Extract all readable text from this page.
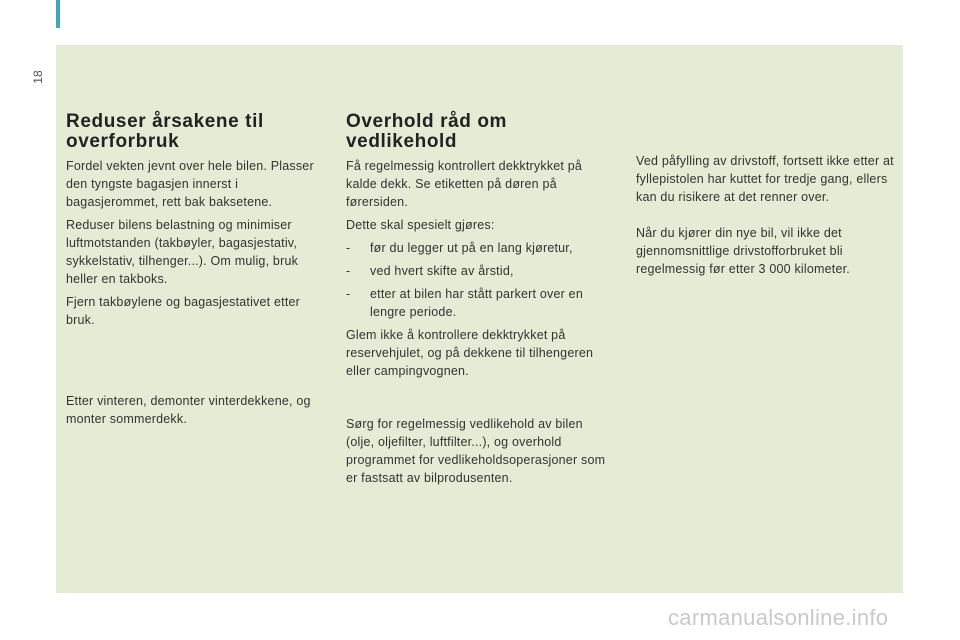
18
Reduser årsakene til overforbruk

Fordel vekten jevnt over hele bilen. Plasser den tyngste bagasjen innerst i bagasjerommet, rett bak baksetene.

Reduser bilens belastning og minimiser luftmotstanden (takbøyler, bagasjestativ, sykkelstativ, tilhenger...). Om mulig, bruk heller en takboks.

Fjern takbøylene og bagasjestativet etter bruk.

Etter vinteren, demonter vinterdekkene, og monter sommerdekk.

Overhold råd om vedlikehold

Få regelmessig kontrollert dekktrykket på kalde dekk. Se etiketten på døren på førersiden.

Dette skal spesielt gjøres:

- før du legger ut på en lang kjøretur,
- ved hvert skifte av årstid,
- etter at bilen har stått parkert over en lengre periode.

Glem ikke å kontrollere dekktrykket på reservehjulet, og på dekkene til tilhengeren eller campingvognen.

Sørg for regelmessig vedlikehold av bilen (olje, oljefilter, luftfilter...), og overhold programmet for vedlikeholdsoperasjoner som er fastsatt av bilprodusenten.

Ved påfylling av drivstoff, fortsett ikke etter at fyllepistolen har kuttet for tredje gang, ellers kan du risikere at det renner over.

Når du kjører din nye bil, vil ikke det gjennomsnittlige drivstofforbruket bli regelmessig før etter 3 000 kilometer.

carmanualsonline.info
